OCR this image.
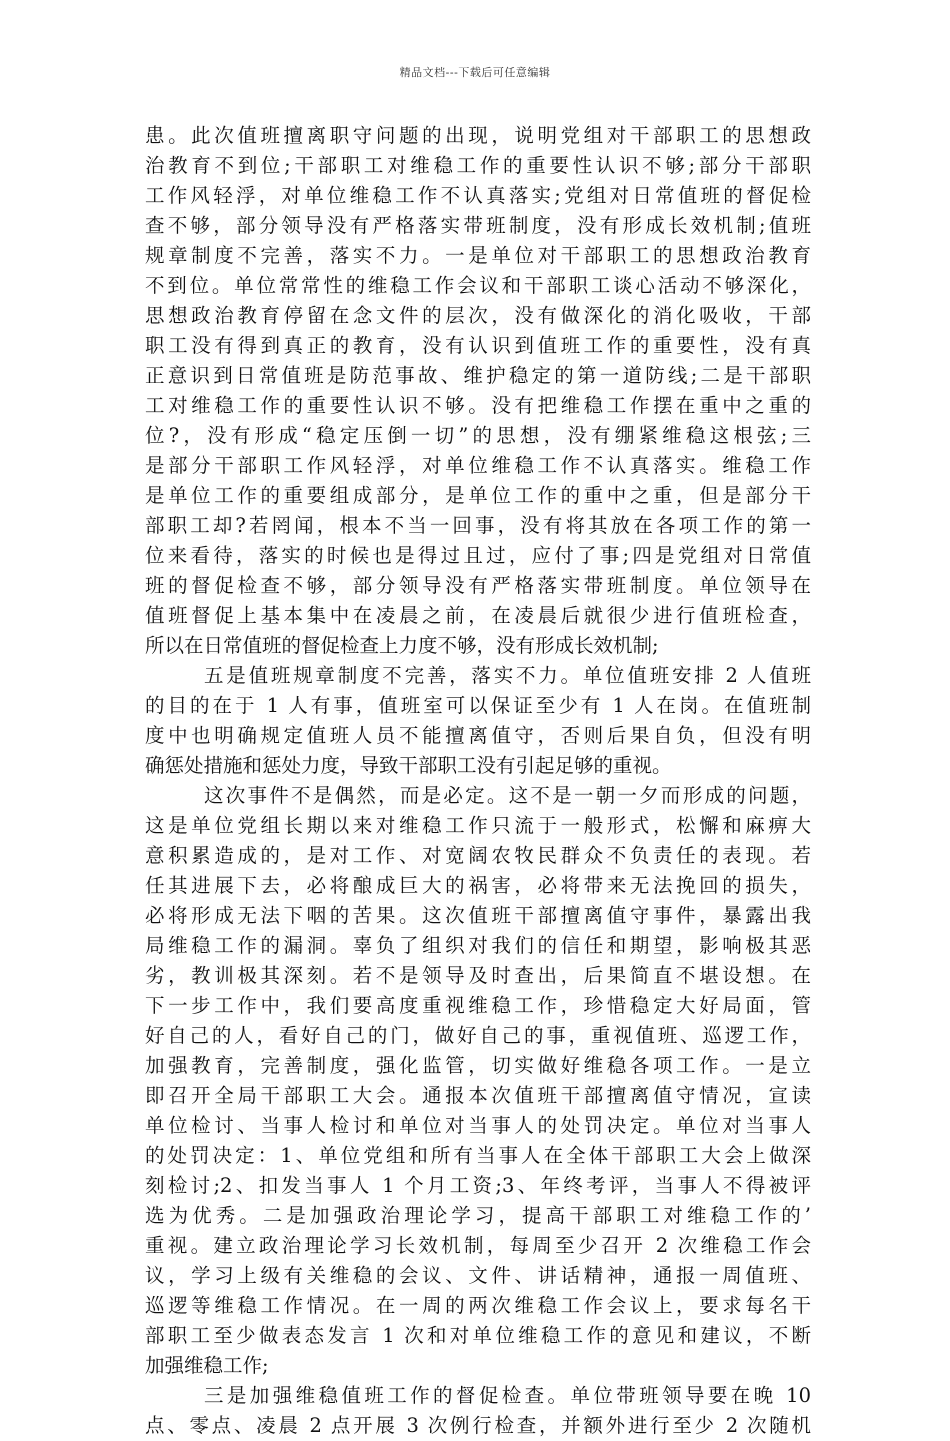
精品文档---下载后可任意编辑
患。此次值班擅离职守问题的出现，说明党组对干部职工的思想政
治教育不到位;干部职工对维稳工作的重要性认识不够;部分干部职
工作风轻浮，对单位维稳工作不认真落实;党组对日常值班的督促检
查不够，部分领导没有严格落实带班制度，没有形成长效机制;值班
规章制度不完善，落实不力。一是单位对干部职工的思想政治教育
不到位。单位常常性的维稳工作会议和干部职工谈心活动不够深化，
思想政治教育停留在念文件的层次，没有做深化的消化吸收，干部
职工没有得到真正的教育，没有认识到值班工作的重要性，没有真
正意识到日常值班是防范事故、维护稳定的第一道防线;二是干部职
工对维稳工作的重要性认识不够。没有把维稳工作摆在重中之重的
位?，没有形成“稳定压倒一切”的思想，没有绷紧维稳这根弦;三
是部分干部职工作风轻浮，对单位维稳工作不认真落实。维稳工作
是单位工作的重要组成部分，是单位工作的重中之重，但是部分干
部职工却?若罔闻，根本不当一回事，没有将其放在各项工作的第一
位来看待，落实的时候也是得过且过，应付了事;四是党组对日常值
班的督促检查不够，部分领导没有严格落实带班制度。单位领导在
值班督促上基本集中在凌晨之前，在凌晨后就很少进行值班检查，
所以在日常值班的督促检查上力度不够，没有形成长效机制;
五是值班规章制度不完善，落实不力。单位值班安排 2 人值班
的目的在于 1 人有事，值班室可以保证至少有 1 人在岗。在值班制
度中也明确规定值班人员不能擅离值守，否则后果自负，但没有明
确惩处措施和惩处力度，导致干部职工没有引起足够的重视。
这次事件不是偶然，而是必定。这不是一朝一夕而形成的问题，
这是单位党组长期以来对维稳工作只流于一般形式，松懈和麻痹大
意积累造成的，是对工作、对宽阔农牧民群众不负责任的表现。若
任其进展下去，必将酿成巨大的祸害，必将带来无法挽回的损失，
必将形成无法下咽的苦果。这次值班干部擅离值守事件，暴露出我
局维稳工作的漏洞。辜负了组织对我们的信任和期望，影响极其恶
劣，教训极其深刻。若不是领导及时查出，后果简直不堪设想。在
下一步工作中，我们要高度重视维稳工作，珍惜稳定大好局面，管
好自己的人，看好自己的门，做好自己的事，重视值班、巡逻工作，
加强教育，完善制度，强化监管，切实做好维稳各项工作。一是立
即召开全局干部职工大会。通报本次值班干部擅离值守情况，宣读
单位检讨、当事人检讨和单位对当事人的处罚决定。单位对当事人
的处罚决定：1、单位党组和所有当事人在全体干部职工大会上做深
刻检讨;2、扣发当事人 1 个月工资;3、年终考评，当事人不得被评
选为优秀。二是加强政治理论学习，提高干部职工对维稳工作的’
重视。建立政治理论学习长效机制，每周至少召开 2 次维稳工作会
议，学习上级有关维稳的会议、文件、讲话精神，通报一周值班、
巡逻等维稳工作情况。在一周的两次维稳工作会议上，要求每名干
部职工至少做表态发言 1 次和对单位维稳工作的意见和建议，不断
加强维稳工作;
三是加强维稳值班工作的督促检查。单位带班领导要在晚 10
点、零点、凌晨 2 点开展 3 次例行检查，并额外进行至少 2 次随机
